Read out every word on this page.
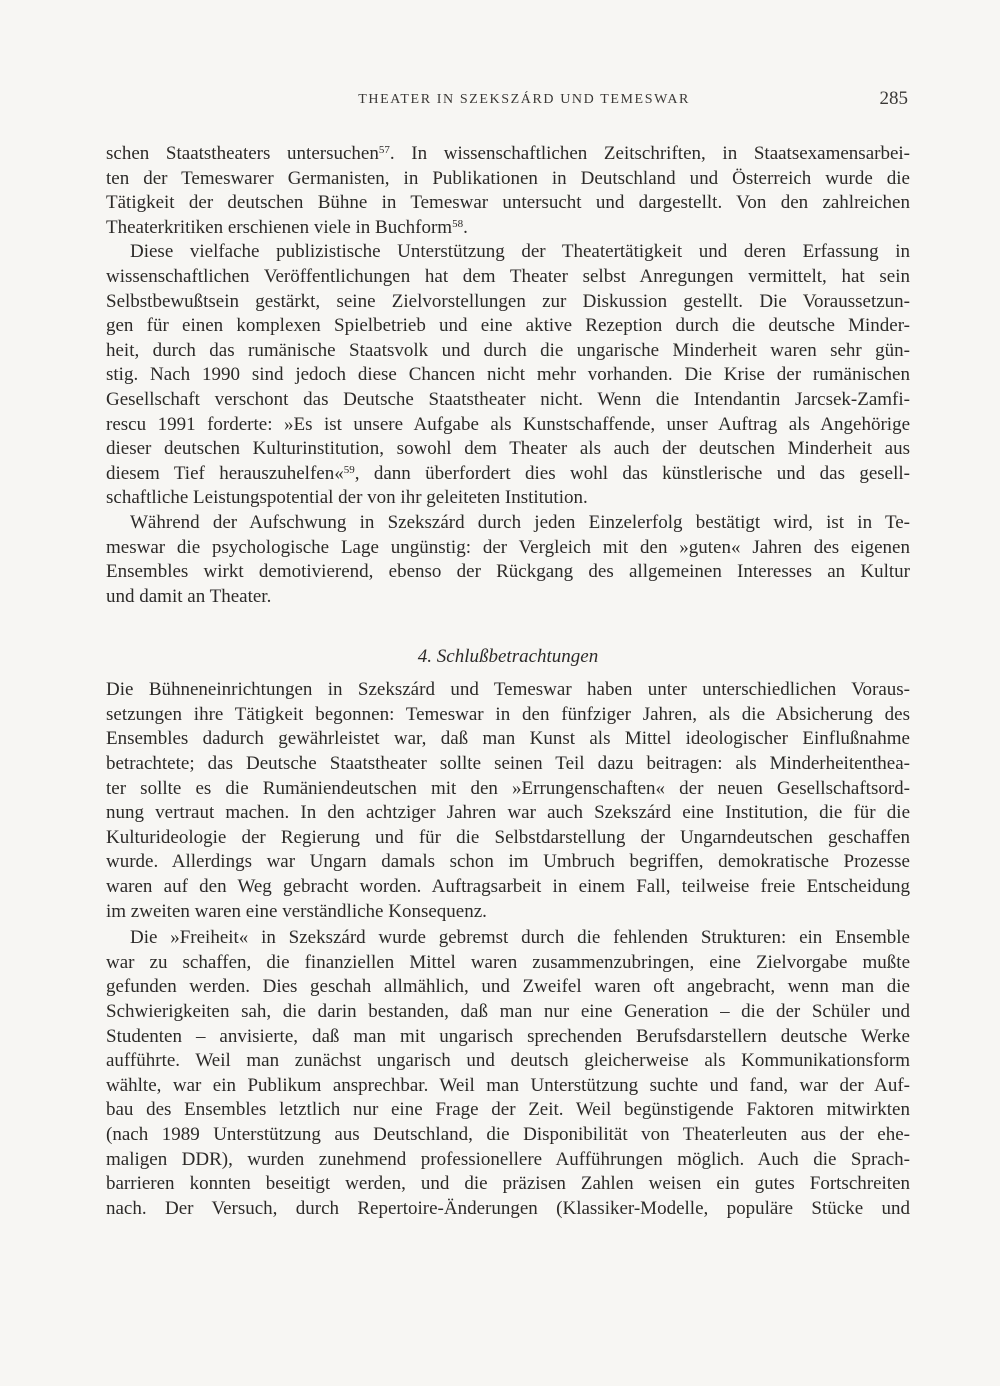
THEATER IN SZEKSZÁRD UND TEMESWAR	285
schen Staatstheaters untersuchen$^{57}$. In wissenschaftlichen Zeitschriften, in Staatsexamensarbei-
ten der Temeswarer Germanisten, in Publikationen in Deutschland und Österreich wurde die
Tätigkeit der deutschen Bühne in Temeswar untersucht und dargestellt. Von den zahlreichen
Theaterkritiken erschienen viele in Buchform$^{58}$.
Diese vielfache publizistische Unterstützung der Theatertätigkeit und deren Erfassung in
wissenschaftlichen Veröffentlichungen hat dem Theater selbst Anregungen vermittelt, hat sein
Selbstbewußtsein gestärkt, seine Zielvorstellungen zur Diskussion gestellt. Die Voraussetzun-
gen für einen komplexen Spielbetrieb und eine aktive Rezeption durch die deutsche Minder-
heit, durch das rumänische Staatsvolk und durch die ungarische Minderheit waren sehr gün-
stig. Nach 1990 sind jedoch diese Chancen nicht mehr vorhanden. Die Krise der rumänischen
Gesellschaft verschont das Deutsche Staatstheater nicht. Wenn die Intendantin Jarcsek-Zamfi-
rescu 1991 forderte: »Es ist unsere Aufgabe als Kunstschaffende, unser Auftrag als Angehörige
dieser deutschen Kulturinstitution, sowohl dem Theater als auch der deutschen Minderheit aus
diesem Tief herauszuhelfen«$^{59}$, dann überfordert dies wohl das künstlerische und das gesell-
schaftliche Leistungspotential der von ihr geleiteten Institution.
Während der Aufschwung in Szekszárd durch jeden Einzelerfolg bestätigt wird, ist in Te-
meswar die psychologische Lage ungünstig: der Vergleich mit den »guten« Jahren des eigenen
Ensembles wirkt demotivierend, ebenso der Rückgang des allgemeinen Interesses an Kultur
und damit an Theater.
4. Schlußbetrachtungen
Die Bühneneinrichtungen in Szekszárd und Temeswar haben unter unterschiedlichen Voraus-
setzungen ihre Tätigkeit begonnen: Temeswar in den fünfziger Jahren, als die Absicherung des
Ensembles dadurch gewährleistet war, daß man Kunst als Mittel ideologischer Einflußnahme
betrachtete; das Deutsche Staatstheater sollte seinen Teil dazu beitragen: als Minderheitenthea-
ter sollte es die Rumäniendeutschen mit den »Errungenschaften« der neuen Gesellschaftsord-
nung vertraut machen. In den achtziger Jahren war auch Szekszárd eine Institution, die für die
Kulturideologie der Regierung und für die Selbstdarstellung der Ungarndeutschen geschaffen
wurde. Allerdings war Ungarn damals schon im Umbruch begriffen, demokratische Prozesse
waren auf den Weg gebracht worden. Auftragsarbeit in einem Fall, teilweise freie Entscheidung
im zweiten waren eine verständliche Konsequenz.
Die »Freiheit« in Szekszárd wurde gebremst durch die fehlenden Strukturen: ein Ensemble
war zu schaffen, die finanziellen Mittel waren zusammenzubringen, eine Zielvorgabe mußte
gefunden werden. Dies geschah allmählich, und Zweifel waren oft angebracht, wenn man die
Schwierigkeiten sah, die darin bestanden, daß man nur eine Generation – die der Schüler und
Studenten – anvisierte, daß man mit ungarisch sprechenden Berufsdarstellern deutsche Werke
aufführte. Weil man zunächst ungarisch und deutsch gleicherweise als Kommunikationsform
wählte, war ein Publikum ansprechbar. Weil man Unterstützung suchte und fand, war der Auf-
bau des Ensembles letztlich nur eine Frage der Zeit. Weil begünstigende Faktoren mitwirkten
(nach 1989 Unterstützung aus Deutschland, die Disponibilität von Theaterleuten aus der ehe-
maligen DDR), wurden zunehmend professionellere Aufführungen möglich. Auch die Sprach-
barrieren konnten beseitigt werden, und die präzisen Zahlen weisen ein gutes Fortschreiten
nach. Der Versuch, durch Repertoire-Änderungen (Klassiker-Modelle, populäre Stücke und
